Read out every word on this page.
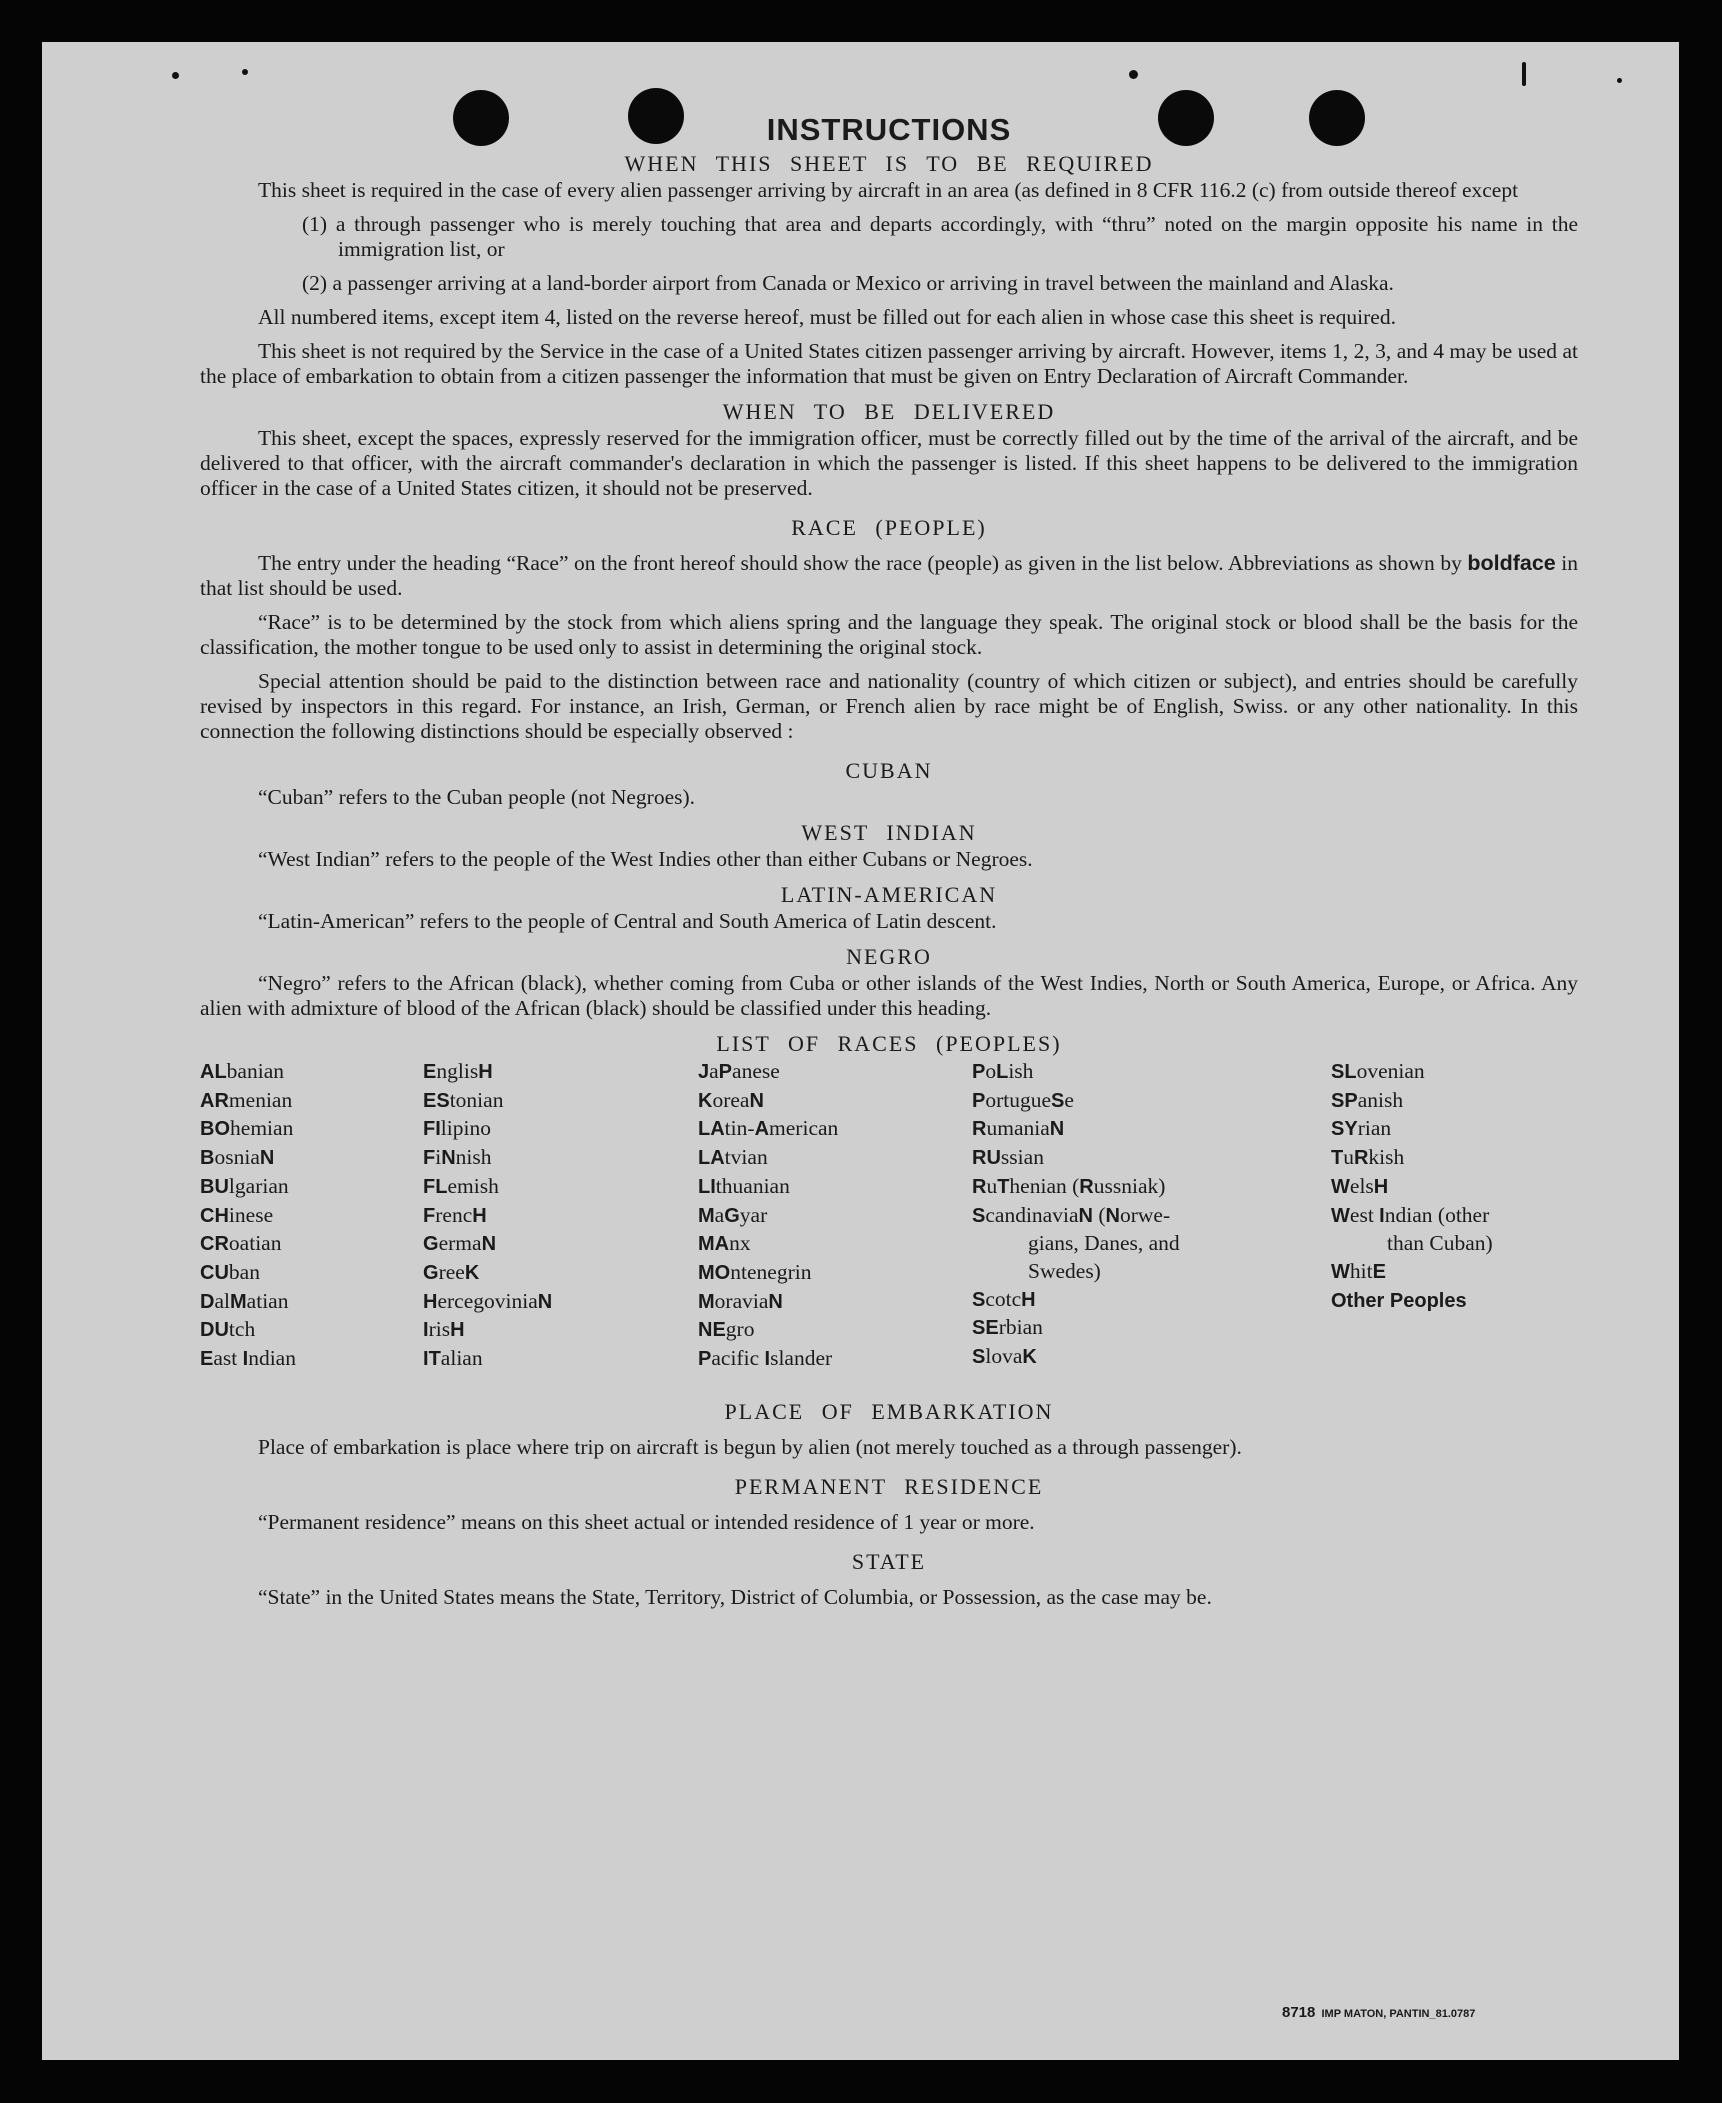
INSTRUCTIONS
WHEN THIS SHEET IS TO BE REQUIRED

This sheet is required in the case of every alien passenger arriving by aircraft in an area (as defined in 8 CFR 116.2 (c) from outside thereof except

(1) a through passenger who is merely touching that area and departs accordingly, with “thru” noted on the margin opposite his name in the immigration list, or

(2) a passenger arriving at a land-border airport from Canada or Mexico or arriving in travel between the mainland and Alaska.

All numbered items, except item 4, listed on the reverse hereof, must be filled out for each alien in whose case this sheet is required.

This sheet is not required by the Service in the case of a United States citizen passenger arriving by aircraft. However, items 1, 2, 3, and 4 may be used at the place of embarkation to obtain from a citizen passenger the information that must be given on Entry Declaration of Aircraft Commander.

WHEN TO BE DELIVERED

This sheet, except the spaces, expressly reserved for the immigration officer, must be correctly filled out by the time of the arrival of the aircraft, and be delivered to that officer, with the aircraft commander's declaration in which the passenger is listed. If this sheet happens to be delivered to the immigration officer in the case of a United States citizen, it should not be preserved.

RACE (PEOPLE)

The entry under the heading “Race” on the front hereof should show the race (people) as given in the list below. Abbreviations as shown by boldface in that list should be used.

“Race” is to be determined by the stock from which aliens spring and the language they speak. The original stock or blood shall be the basis for the classification, the mother tongue to be used only to assist in determining the original stock.

Special attention should be paid to the distinction between race and nationality (country of which citizen or subject), and entries should be carefully revised by inspectors in this regard. For instance, an Irish, German, or French alien by race might be of English, Swiss. or any other nationality. In this connection the following distinctions should be especially observed :

CUBAN

“Cuban” refers to the Cuban people (not Negroes).

WEST INDIAN

“West Indian” refers to the people of the West Indies other than either Cubans or Negroes.

LATIN-AMERICAN

“Latin-American” refers to the people of Central and South America of Latin descent.

NEGRO

“Negro” refers to the African (black), whether coming from Cuba or other islands of the West Indies, North or South America, Europe, or Africa. Any alien with admixture of blood of the African (black) should be classified under this heading.

LIST OF RACES (PEOPLES)
ALbanian
ARmenian
BOhemian
BosniaN
BUlgarian
CHinese
CRoatian
CUban
DalMatian
DUtch
East Indian
EnglisH
EStonian
FIlipino
FiNnish
FLemish
FrencH
GermaN
GreeK
HercegoviniaN
IrisH
ITalian
JaPanese
KoreaN
LAtin-American
LAtvian
LIthuanian
MaGyar
MAnx
MOntenegrin
MoraviaN
NEgro
Pacific Islander
PoLish
PortugueSe
RumaniaN
RUssian
RuThenian (Russniak)
ScandinaviaN (Norwe-
gians, Danes, and
Swedes)
ScotcH
SErbian
SlovaK
SLovenian
SPanish
SYrian
TuRkish
WelsH
West Indian (other
than Cuban)
WhitE
Other Peoples
PLACE OF EMBARKATION

Place of embarkation is place where trip on aircraft is begun by alien (not merely touched as a through passenger).

PERMANENT RESIDENCE

“Permanent residence” means on this sheet actual or intended residence of 1 year or more.

STATE

“State” in the United States means the State, Territory, District of Columbia, or Possession, as the case may be.

8718 IMP MATON, PANTIN_81.0787
